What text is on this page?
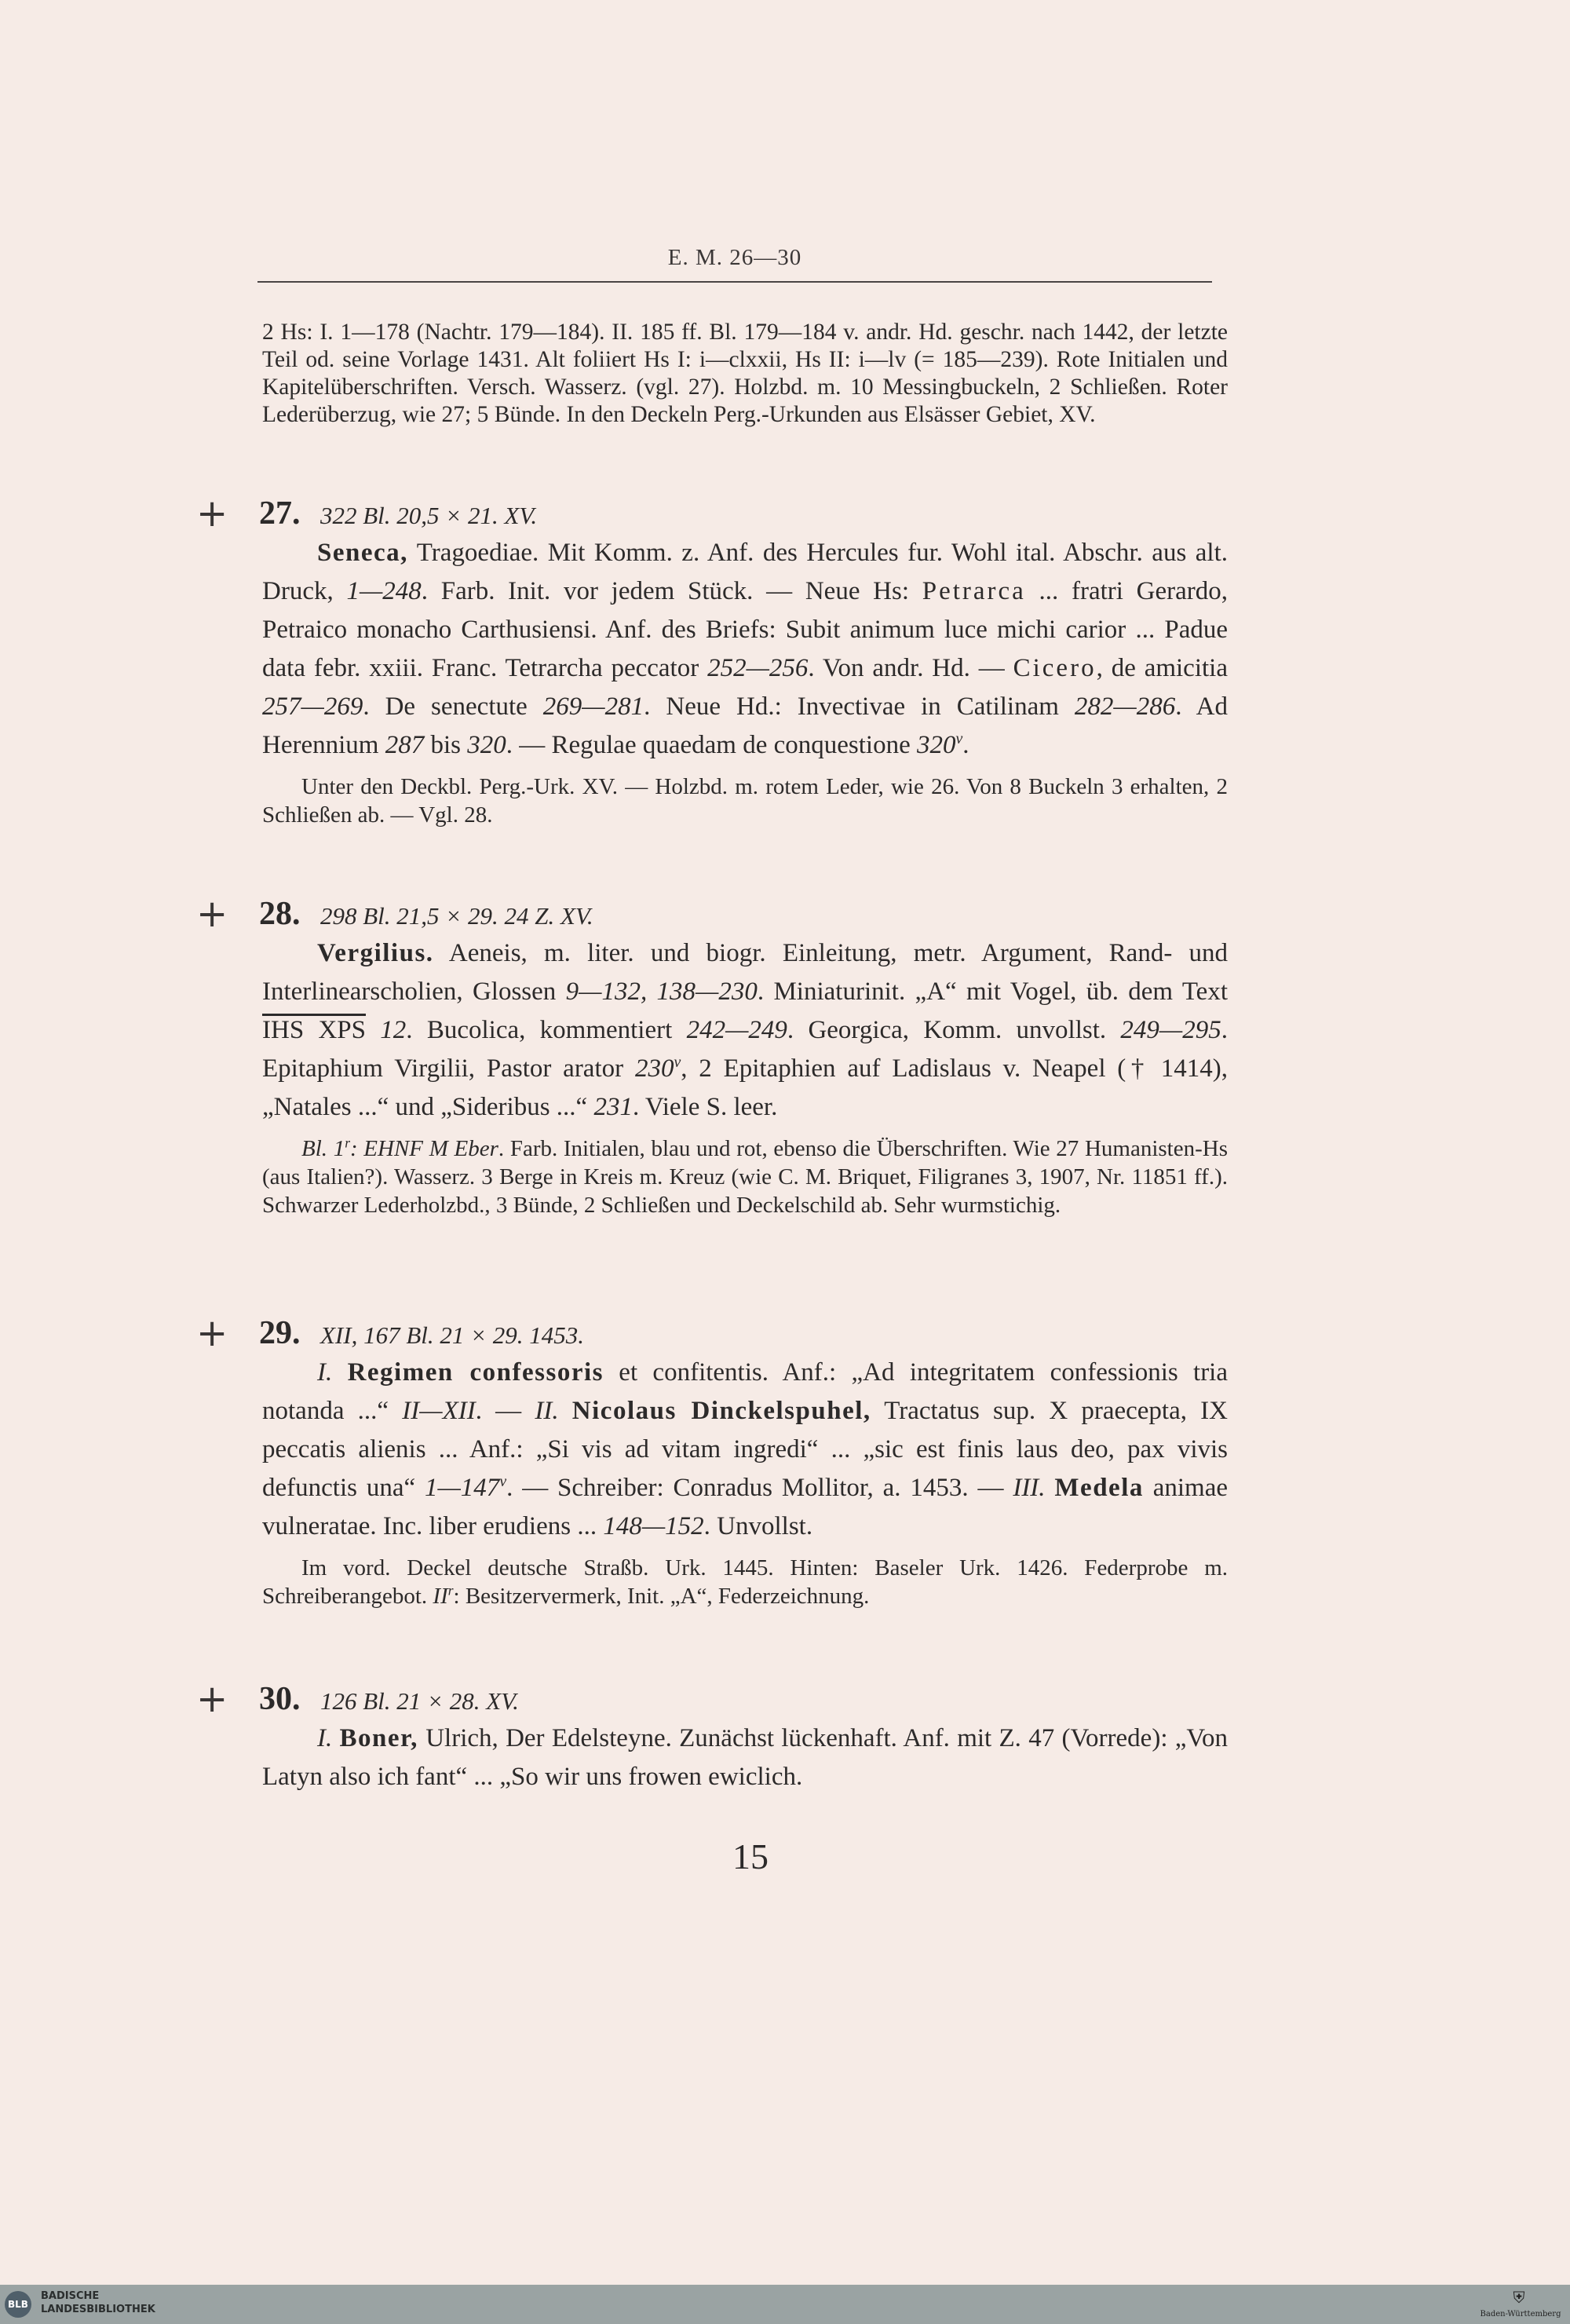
E. M. 26—30

2 Hs: I. 1—178 (Nachtr. 179—184). II. 185 ff. Bl. 179—184 v. andr. Hd. geschr. nach 1442, der letzte Teil od. seine Vorlage 1431. Alt foliiert Hs I: i—clxxii, Hs II: i—lv (= 185—239). Rote Initialen und Kapitelüberschriften. Versch. Wasserz. (vgl. 27). Holzbd. m. 10 Messingbuckeln, 2 Schließen. Roter Lederüberzug, wie 27; 5 Bünde. In den Deckeln Perg.-Urkunden aus Elsässer Gebiet, XV.

+ 27. 322 Bl. 20,5 × 21. XV.

Seneca, Tragoediae. Mit Komm. z. Anf. des Hercules fur. Wohl ital. Abschr. aus alt. Druck, 1—248. Farb. Init. vor jedem Stück. — Neue Hs: Petrarca ... fratri Gerardo, Petraico monacho Carthusiensi. Anf. des Briefs: Subit animum luce michi carior ... Padue data febr. xxiii. Franc. Tetrarcha peccator 252—256. Von andr. Hd. — Cicero, de amicitia 257—269. De senectute 269—281. Neue Hd.: Invectivae in Catilinam 282—286. Ad Herennium 287 bis 320. — Regulae quaedam de conquestione 320$^v$.

Unter den Deckbl. Perg.-Urk. XV. — Holzbd. m. rotem Leder, wie 26. Von 8 Buckeln 3 erhalten, 2 Schließen ab. — Vgl. 28.

+ 28. 298 Bl. 21,5 × 29. 24 Z. XV.

Vergilius. Aeneis, m. liter. und biogr. Einleitung, metr. Argument, Rand- und Interlinearscholien, Glossen 9—132, 138—230. Miniaturinit. „A“ mit Vogel, üb. dem Text IHS XPS 12. Bucolica, kommentiert 242—249. Georgica, Komm. unvollst. 249—295. Epitaphium Virgilii, Pastor arator 230$^v$, 2 Epitaphien auf Ladislaus v. Neapel († 1414), „Natales ...“ und „Sideribus ...“ 231. Viele S. leer.

Bl. 1$^r$: EHNF M Eber. Farb. Initialen, blau und rot, ebenso die Überschriften. Wie 27 Humanisten-Hs (aus Italien?). Wasserz. 3 Berge in Kreis m. Kreuz (wie C. M. Briquet, Filigranes 3, 1907, Nr. 11851 ff.). Schwarzer Lederholzbd., 3 Bünde, 2 Schließen und Deckelschild ab. Sehr wurmstichig.

+ 29. XII, 167 Bl. 21 × 29. 1453.

I. Regimen confessoris et confitentis. Anf.: „Ad integritatem confessionis tria notanda ...“ II—XII. — II. Nicolaus Dinckelspuhel, Tractatus sup. X praecepta, IX peccatis alienis ... Anf.: „Si vis ad vitam ingredi“ ... „sic est finis laus deo, pax vivis defunctis una“ 1—147$^v$. — Schreiber: Conradus Mollitor, a. 1453. — III. Medela animae vulneratae. Inc. liber erudiens ... 148—152. Unvollst.

Im vord. Deckel deutsche Straßb. Urk. 1445. Hinten: Baseler Urk. 1426. Federprobe m. Schreiberangebot. $II^r$: Besitzervermerk, Init. „A“, Federzeichnung.

+ 30. 126 Bl. 21 × 28. XV.

I. Boner, Ulrich, Der Edelsteyne. Zunächst lückenhaft. Anf. mit Z. 47 (Vorrede): „Von Latyn also ich fant“ ... „So wir uns frowen ewiclich.

15
BLB
BADISCHE
LANDESBIBLIOTHEK
⛨
Baden-Württemberg
